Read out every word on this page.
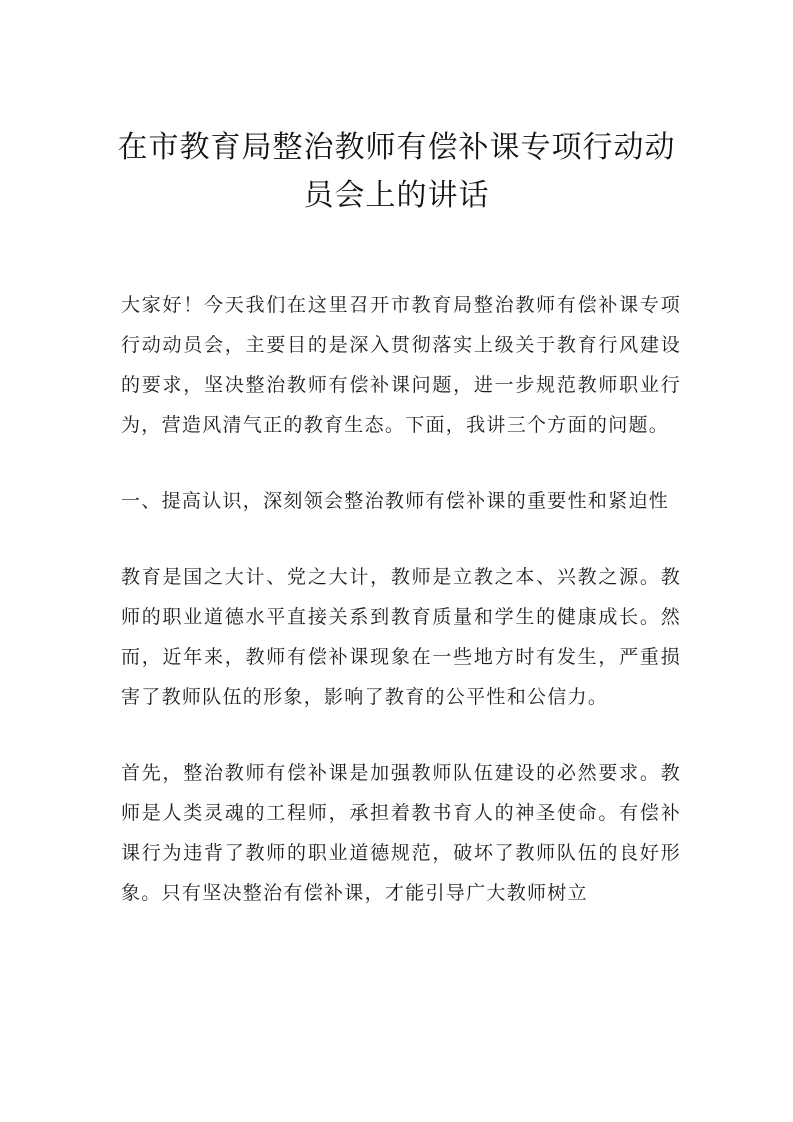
在市教育局整治教师有偿补课专项行动动
员会上的讲话

大家好！今天我们在这里召开市教育局整治教师有偿补课专项行动动员会，主要目的是深入贯彻落实上级关于教育行风建设的要求，坚决整治教师有偿补课问题，进一步规范教师职业行为，营造风清气正的教育生态。下面，我讲三个方面的问题。

一、提高认识，深刻领会整治教师有偿补课的重要性和紧迫性

教育是国之大计、党之大计，教师是立教之本、兴教之源。教师的职业道德水平直接关系到教育质量和学生的健康成长。然而，近年来，教师有偿补课现象在一些地方时有发生，严重损害了教师队伍的形象，影响了教育的公平性和公信力。

首先，整治教师有偿补课是加强教师队伍建设的必然要求。教师是人类灵魂的工程师，承担着教书育人的神圣使命。有偿补课行为违背了教师的职业道德规范，破坏了教师队伍的良好形象。只有坚决整治有偿补课，才能引导广大教师树立
